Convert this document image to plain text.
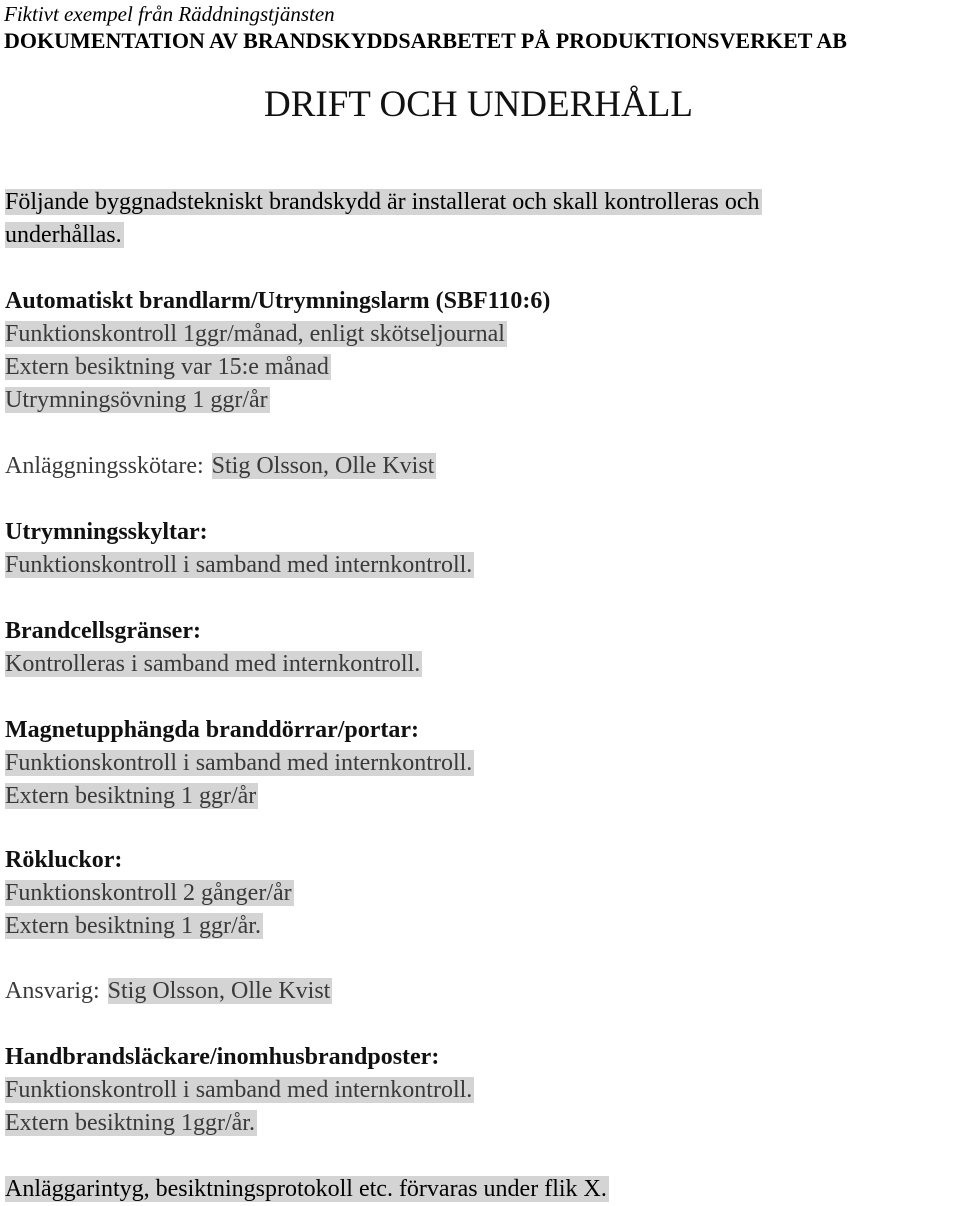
Fiktivt exempel från Räddningstjänsten
DOKUMENTATION AV BRANDSKYDDSARBETET PÅ PRODUKTIONSVERKET AB
DRIFT OCH UNDERHÅLL
Följande byggnadstekniskt brandskydd är installerat och skall kontrolleras och
underhållas.
Automatiskt brandlarm/Utrymningslarm (SBF110:6)
Funktionskontroll 1ggr/månad, enligt skötseljournal
Extern besiktning var 15:e månad
Utrymningsövning 1 ggr/år
Anläggningsskötare: Stig Olsson, Olle Kvist
Utrymningsskyltar:
Funktionskontroll i samband med internkontroll.
Brandcellsgränser:
Kontrolleras i samband med internkontroll.
Magnetupphängda branddörrar/portar:
Funktionskontroll i samband med internkontroll.
Extern besiktning 1 ggr/år
Rökluckor:
Funktionskontroll 2 gånger/år
Extern besiktning 1 ggr/år.
Ansvarig: Stig Olsson, Olle Kvist
Handbrandsläckare/inomhusbrandposter:
Funktionskontroll i samband med internkontroll.
Extern besiktning 1ggr/år.
Anläggarintyg, besiktningsprotokoll etc. förvaras under flik X.
